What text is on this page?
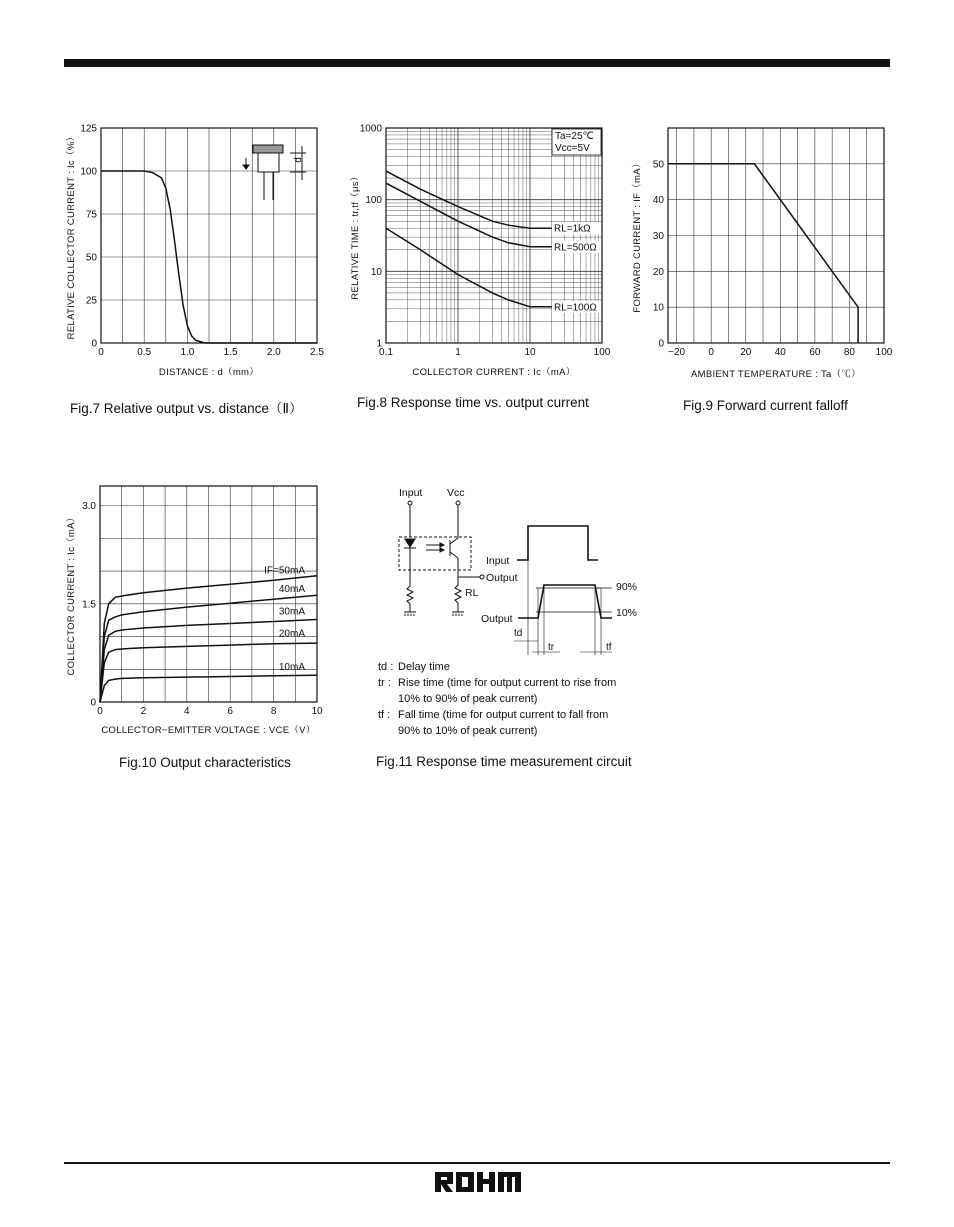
0	0.5	1.0	1.5	2.0	2.5
0
25
50
75
100
125
DISTANCE : d（mm）
RELATIVE COLLECTOR CURRENT : Ic（%）	d
0.1	1	10	100
1
10
100
1000
COLLECTOR CURRENT : Ic（mA）
RELATIVE TIME : tr,tf（μs）
Ta=25℃
Vcc=5V
RL=1kΩ
RL=500Ω
RL=100Ω
−20 0	20 40 60 80 100
0
10
20
30
40
50
AMBIENT TEMPERATURE : Ta（℃）
FORWARD CURRENT : IF（mA）
0	2	4	6	8	10
0
1.5
3.0
COLLECTOR−EMITTER VOLTAGE : VCE（V）
COLLECTOR CURRENT : Ic（mA）	IF=50mA
40mA
30mA
20mA
10mA
Fig.7 Relative output vs. distance（Ⅱ）	Fig.8 Response time vs. output current	Fig.9 Forward current falloff
Fig.10 Output characteristics	Fig.11 Response time measurement circuit
Input Vcc
Output
RL
Input
Output
90%
10%
td
tr	tf
td : Delay time
tr : Rise time (time for output current to rise from
10% to 90% of peak current)
tf : Fall time (time for output current to fall from
90% to 10% of peak current)
